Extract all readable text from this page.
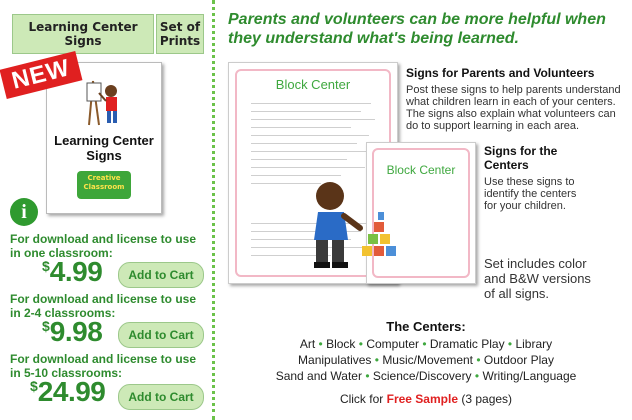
Learning Center Signs
Set of Prints
Learning Center Signs
Creative Classroom
NEW
i
For download and license to use in one classroom:
$4.99	Add to Cart
For download and license to use in 2-4 classrooms:
$9.98	Add to Cart
For download and license to use in 5-10 classrooms:
$24.99	Add to Cart
Parents and volunteers can be more helpful when they understand what's being learned.
Block Center
Block Center
Signs for Parents and Volunteers
Post these signs to help parents understand what children learn in each of your centers. The signs also explain what volunteers can do to support learning in each area.
Signs for the Centers
Use these signs to identify the centers for your children.
Set includes color and B&W versions of all signs.
The Centers:
Art • Block • Computer • Dramatic Play • Library
Manipulatives • Music/Movement • Outdoor Play
Sand and Water • Science/Discovery • Writing/Language
Click for Free Sample (3 pages)
